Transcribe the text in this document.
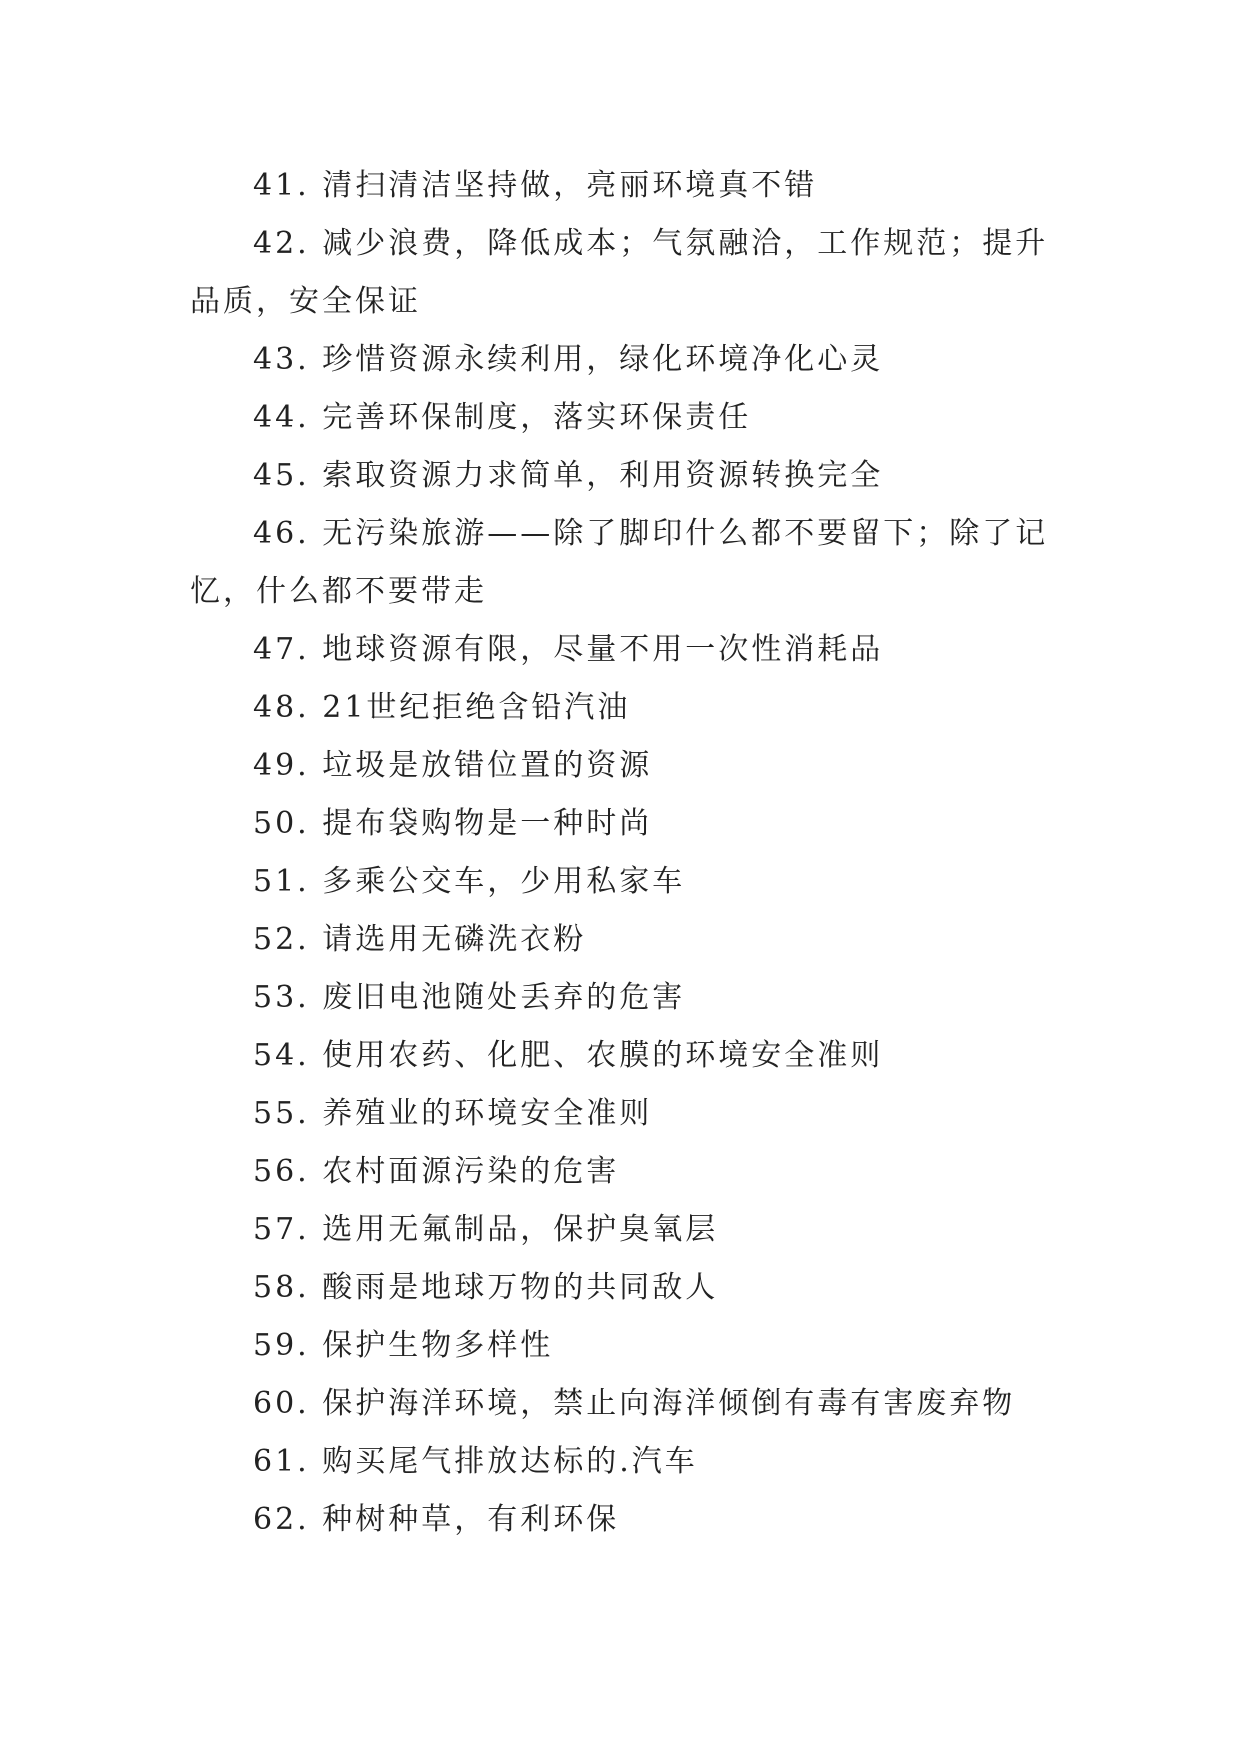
41. 清扫清洁坚持做，亮丽环境真不错

42. 减少浪费，降低成本；气氛融洽，工作规范；提升品质，安全保证

43. 珍惜资源永续利用，绿化环境净化心灵

44. 完善环保制度，落实环保责任

45. 索取资源力求简单，利用资源转换完全

46. 无污染旅游——除了脚印什么都不要留下；除了记忆，什么都不要带走

47. 地球资源有限，尽量不用一次性消耗品

48. 21世纪拒绝含铅汽油

49. 垃圾是放错位置的资源

50. 提布袋购物是一种时尚

51. 多乘公交车，少用私家车

52. 请选用无磷洗衣粉

53. 废旧电池随处丢弃的危害

54. 使用农药、化肥、农膜的环境安全准则

55. 养殖业的环境安全准则

56. 农村面源污染的危害

57. 选用无氟制品，保护臭氧层

58. 酸雨是地球万物的共同敌人

59. 保护生物多样性

60. 保护海洋环境，禁止向海洋倾倒有毒有害废弃物

61. 购买尾气排放达标的.汽车

62. 种树种草，有利环保
